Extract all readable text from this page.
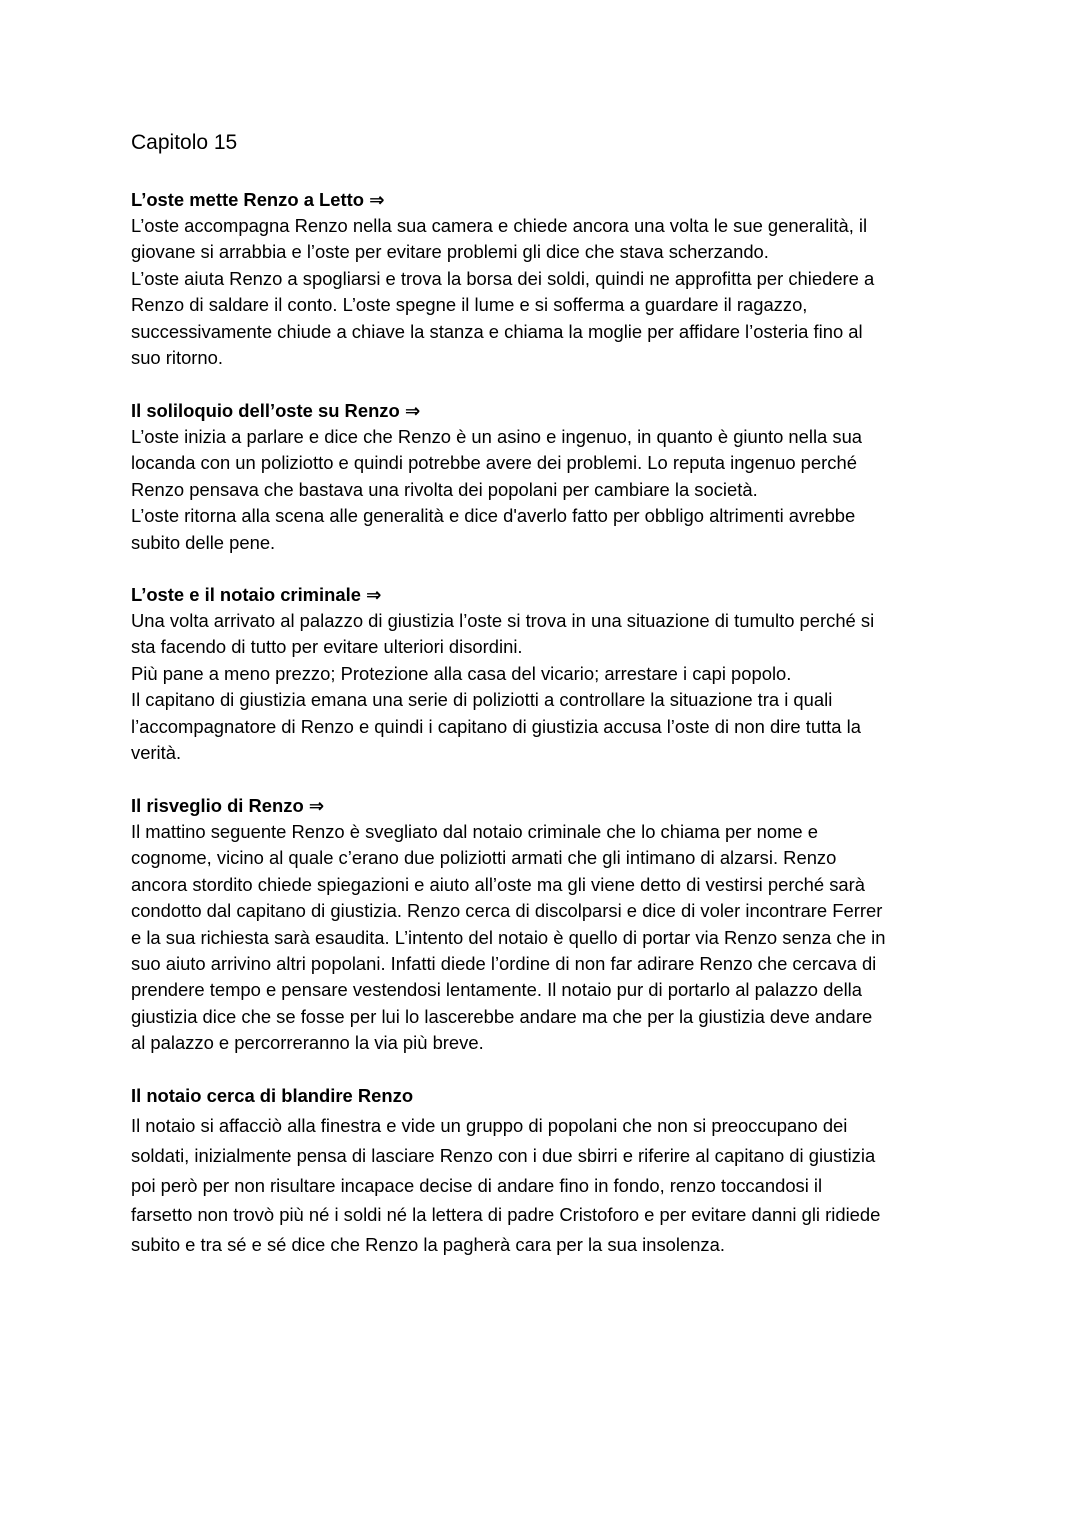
Capitolo 15
L’oste mette Renzo a Letto ⇒
L’oste accompagna Renzo nella sua camera e chiede ancora una volta le sue generalità, il
giovane si arrabbia e l’oste per evitare problemi gli dice che stava scherzando.
L’oste aiuta Renzo a spogliarsi e trova la borsa dei soldi, quindi ne approfitta per chiedere a
Renzo di saldare il conto. L’oste spegne il lume e si sofferma a guardare il ragazzo,
successivamente chiude a chiave la stanza e chiama la moglie per affidare l’osteria fino al
suo ritorno.
Il soliloquio dell’oste su Renzo ⇒
L’oste inizia a parlare e dice che Renzo è un asino e ingenuo, in quanto è giunto nella sua
locanda con un poliziotto e quindi potrebbe avere dei problemi. Lo reputa ingenuo perché
Renzo pensava che bastava una rivolta dei popolani per cambiare la società.
L’oste ritorna alla scena alle generalità e dice d'averlo fatto per obbligo altrimenti avrebbe
subito delle pene.
L’oste e il notaio criminale ⇒
Una volta arrivato al palazzo di giustizia l’oste si trova in una situazione di tumulto perché si
sta facendo di tutto per evitare ulteriori disordini.
Più pane a meno prezzo; Protezione alla casa del vicario; arrestare i capi popolo.
Il capitano di giustizia emana una serie di poliziotti a controllare la situazione tra i quali
l’accompagnatore di Renzo e quindi i capitano di giustizia accusa l’oste di non dire tutta la
verità.
Il risveglio di Renzo ⇒
Il mattino seguente Renzo è svegliato dal notaio criminale che lo chiama per nome e
cognome, vicino al quale c’erano due poliziotti armati che gli intimano di alzarsi. Renzo
ancora stordito chiede spiegazioni e aiuto all’oste ma gli viene detto di vestirsi perché sarà
condotto dal capitano di giustizia. Renzo cerca di discolparsi e dice di voler incontrare Ferrer
e la sua richiesta sarà esaudita. L’intento del notaio è quello di portar via Renzo senza che in
suo aiuto arrivino altri popolani. Infatti diede l’ordine di non far adirare Renzo che cercava di
prendere tempo e pensare vestendosi lentamente. Il notaio pur di portarlo al palazzo della
giustizia dice che se fosse per lui lo lascerebbe andare ma che per la giustizia deve andare
al palazzo e percorreranno la via più breve.
Il notaio cerca di blandire Renzo
Il notaio si affacciò alla finestra e vide un gruppo di popolani che non si preoccupano dei
soldati, inizialmente pensa di lasciare Renzo con i due sbirri e riferire al capitano di giustizia
poi però per non risultare incapace decise di andare fino in fondo, renzo toccandosi il
farsetto non trovò più né i soldi né la lettera di padre Cristoforo e per evitare danni gli ridiede
subito e tra sé e sé dice che Renzo la pagherà cara per la sua insolenza.
